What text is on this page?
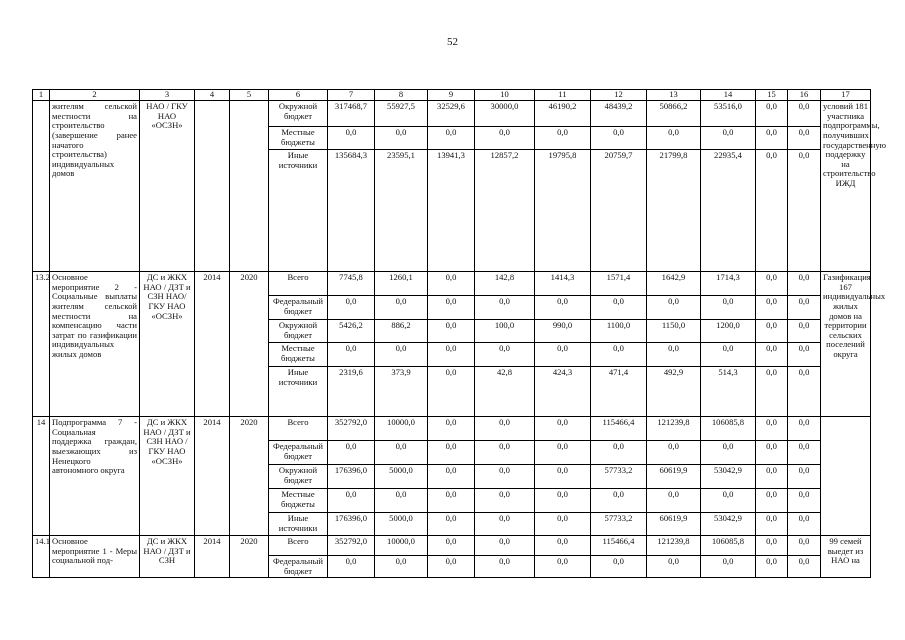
52
1	2	3	4	5	6	7	8	9	10	11	12	13	14	15	16	17
	жителям сельской местности на строительство (завершение ранее начатого строительства) индивидуальных домов	НАО / ГКУ НАО «ОСЗН»			Окружной бюджет	317468,7	55927,5	32529,6	30000,0	46190,2	48439,2	50866,2	53516,0	0,0	0,0	условий 181 участника подпрограммы, получивших государственную поддержку на строительство ИЖД
					Местные бюджеты	0,0	0,0	0,0	0,0	0,0	0,0	0,0	0,0	0,0	0,0	
					Иные источники	135684,3	23595,1	13941,3	12857,2	19795,8	20759,7	21799,8	22935,4	0,0	0,0	
13.2	Основное мероприятие 2 - Социальные выплаты жителям сельской местности на компенсацию части затрат по газификации индивидуальных жилых домов	ДС и ЖКХ НАО / ДЗТ и СЗН НАО/ ГКУ НАО «ОСЗН»	2014	2020	Всего	7745,8	1260,1	0,0	142,8	1414,3	1571,4	1642,9	1714,3	0,0	0,0	Газификация 167 индивидуальных жилых домов на территории сельских поселений округа
					Федеральный бюджет	0,0	0,0	0,0	0,0	0,0	0,0	0,0	0,0	0,0	0,0	
					Окружной бюджет	5426,2	886,2	0,0	100,0	990,0	1100,0	1150,0	1200,0	0,0	0,0	
					Местные бюджеты	0,0	0,0	0,0	0,0	0,0	0,0	0,0	0,0	0,0	0,0	
					Иные источники	2319,6	373,9	0,0	42,8	424,3	471,4	492,9	514,3	0,0	0,0	
14	Подпрограмма 7 - Социальная поддержка граждан, выезжающих из Ненецкого автономного округа	ДС и ЖКХ НАО / ДЗТ и СЗН НАО / ГКУ НАО «ОСЗН»	2014	2020	Всего	352792,0	10000,0	0,0	0,0	0,0	115466,4	121239,8	106085,8	0,0	0,0	
					Федеральный бюджет	0,0	0,0	0,0	0,0	0,0	0,0	0,0	0,0	0,0	0,0	
					Окружной бюджет	176396,0	5000,0	0,0	0,0	0,0	57733,2	60619,9	53042,9	0,0	0,0	
					Местные бюджеты	0,0	0,0	0,0	0,0	0,0	0,0	0,0	0,0	0,0	0,0	
					Иные источники	176396,0	5000,0	0,0	0,0	0,0	57733,2	60619,9	53042,9	0,0	0,0	
14.1	Основное мероприятие 1 - Меры социальной под-	ДС и ЖКХ НАО / ДЗТ и СЗН	2014	2020	Всего	352792,0	10000,0	0,0	0,0	0,0	115466,4	121239,8	106085,8	0,0	0,0	99 семей выедет из НАО на
					Федеральный бюджет	0,0	0,0	0,0	0,0	0,0	0,0	0,0	0,0	0,0	0,0	
